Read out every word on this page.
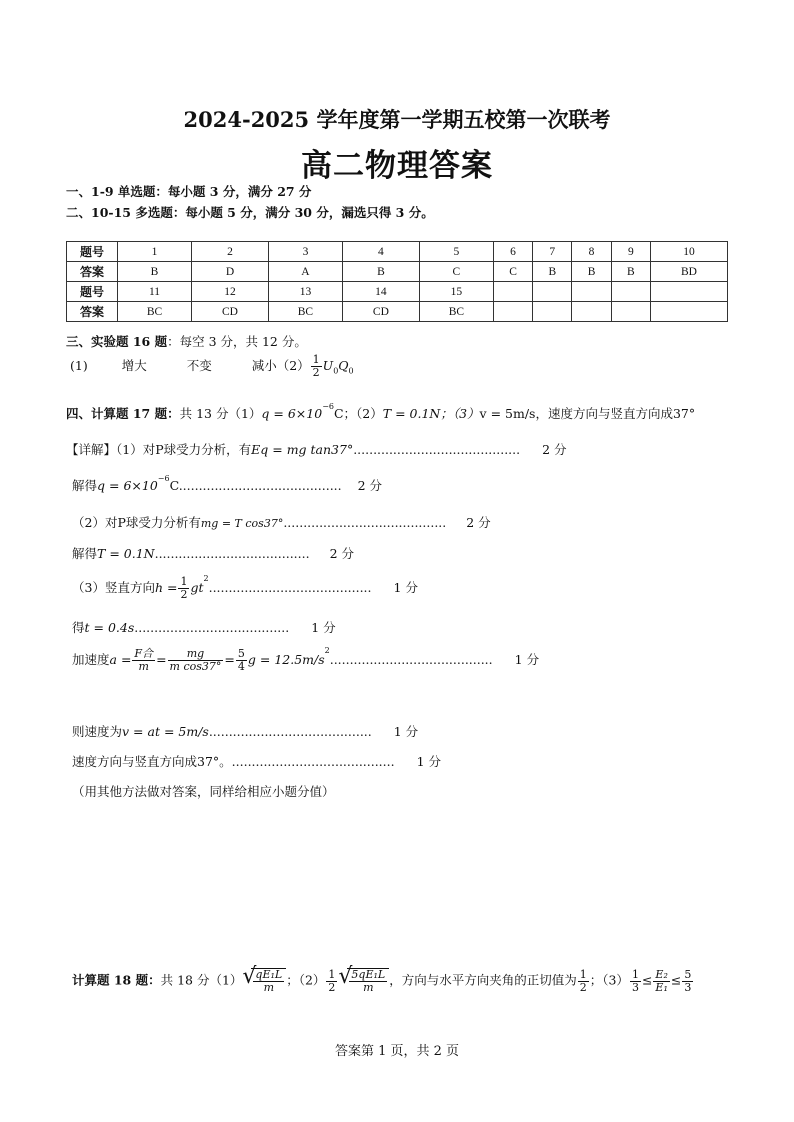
2024-2025 学年度第一学期五校第一次联考
高二物理答案
一、1-9 单选题：每小题 3 分，满分 27 分
二、10-15 多选题：每小题 5 分，满分 30 分，漏选只得 3 分。
题号	1	2	3	4	5	6	7	8	9	10
答案	B	D	A	B	C	C	B	B	B	BD
题号	11	12	13	14	15					
答案	BC	CD	BC	CD	BC					
三、实验题 16 题：每空 3 分，共 12 分。
(1)	增大	不变	减小$(2) \frac{1}{2} U_0Q_0$
四、计算题 17 题：共 13 分$(1)q = 6\times 10^{-6}C$；（2）T = 0.1N；（3）v = 5m/s，速度方向与竖直方向成37°
【详解】（1）对P球受力分析，有Eq = mg tan37°.......................................... 2 分
解得$q = 6\times 10^{-6}C$......................................... 2 分
（2）对P球受力分析有mg = T cos37°......................................... 2 分
解得T = 0.1N....................................... 2 分
（3）竖直方向$h = \frac{1}{2} gt^2$......................................... 1 分
得t = 0.4s....................................... 1 分
加速度$a = \frac{\text{F合}}{m} = \frac{mg}{\text{m cos37°}} = \frac{5}{4}$ $g = 12.5m/s^2$......................................... 1 分
则速度为v = at = 5m/s......................................... 1 分
速度方向与竖直方向成37°。......................................... 1 分
（用其他方法做对答案，同样给相应小题分值）
计算题 18 题：共 18 分（1） √
$\frac{\text{qE₁L}}{m}$ ；$(2) \frac{1}{2}$ √
$\frac{\text{5qE₁L}}{m}$ ，方向与水平方向夹角的正切值为 $\frac{1}{2}$ ；$(3) \frac{1}{3} \le \frac{\text{E₂}}{\text{E₁}} \le \frac{5}{3}$
答案第 1 页，共 2 页
